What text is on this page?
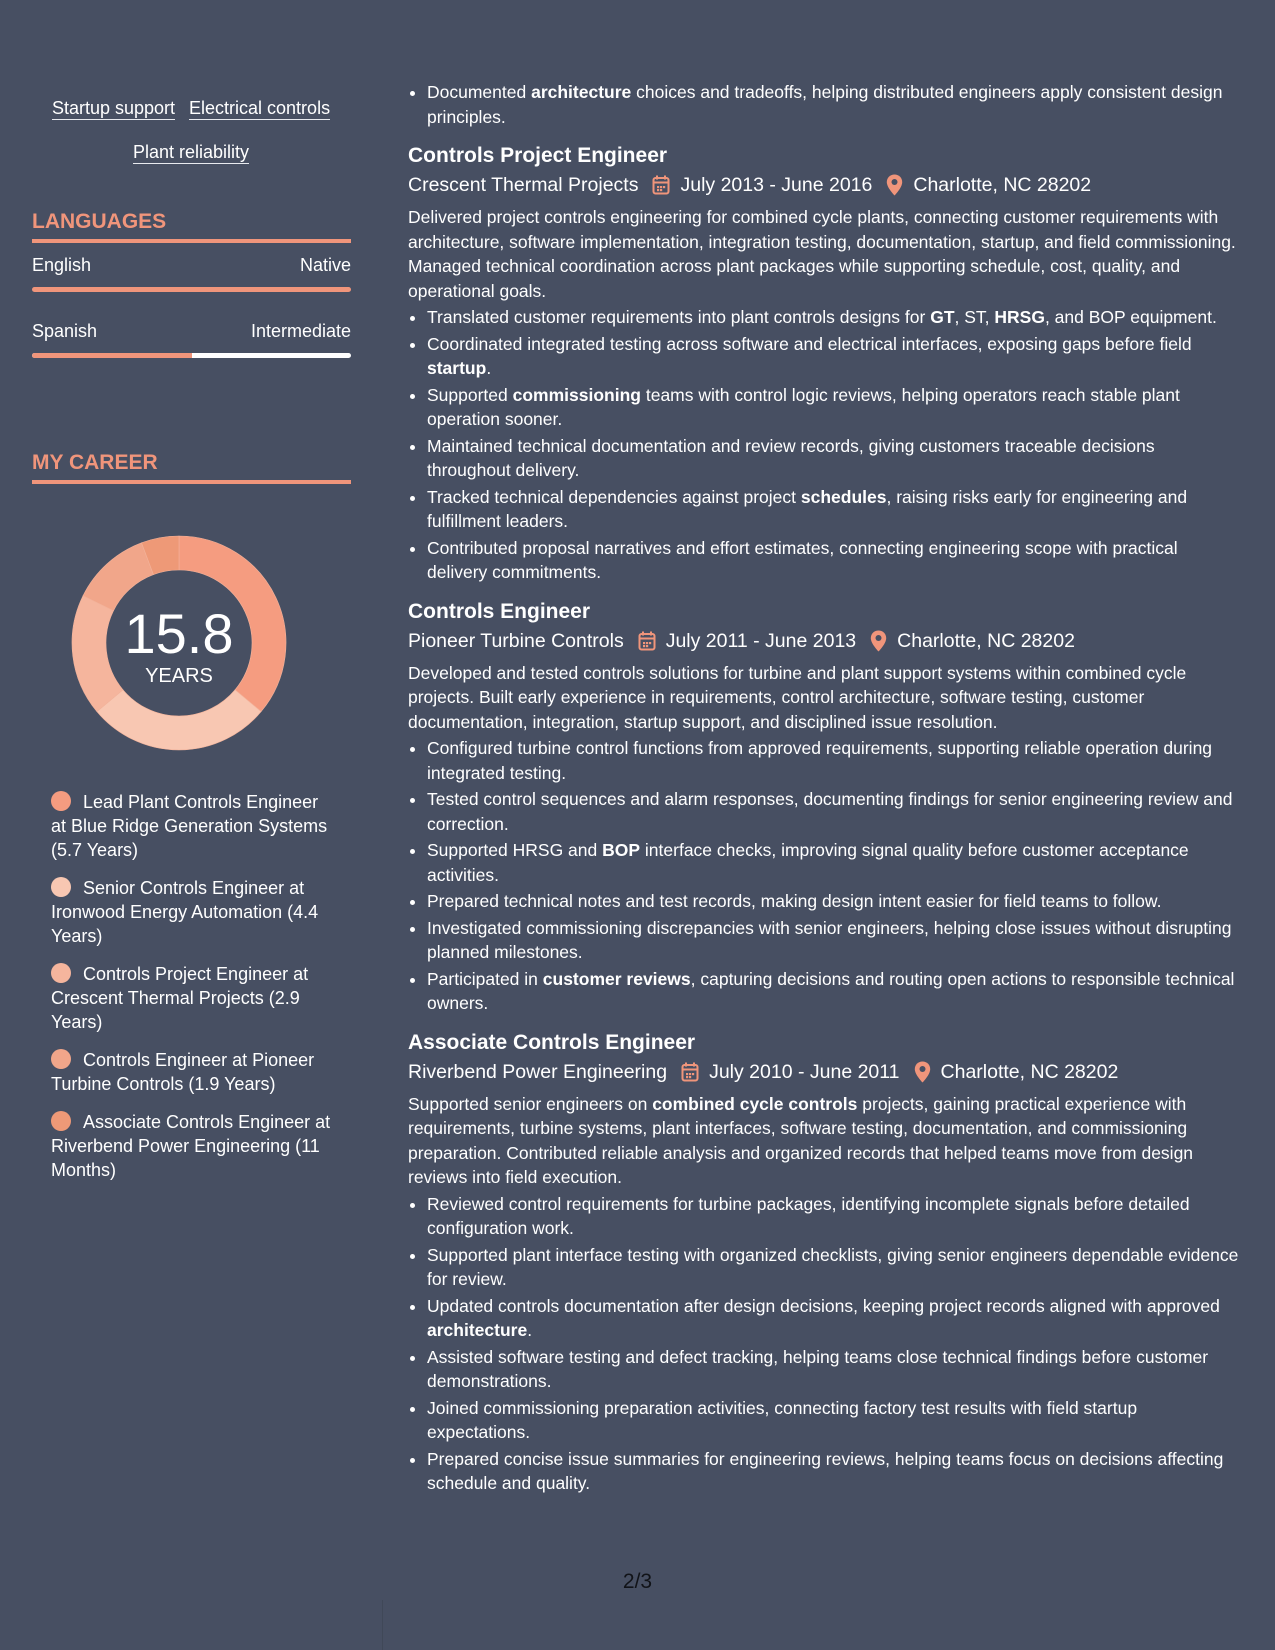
Startup support Electrical controls
Plant reliability
LANGUAGES
English	Native
Spanish	Intermediate
MY CAREER
15.8
YEARS
Lead Plant Controls Engineer at Blue Ridge Generation Systems (5.7 Years)
Senior Controls Engineer at Ironwood Energy Automation (4.4 Years)
Controls Project Engineer at Crescent Thermal Projects (2.9 Years)
Controls Engineer at Pioneer Turbine Controls (1.9 Years)
Associate Controls Engineer at Riverbend Power Engineering (11 Months)
• Documented architecture choices and tradeoffs, helping distributed engineers apply consistent design principles.
Controls Project Engineer
Crescent Thermal Projects July 2013 - June 2016 Charlotte, NC 28202
Delivered project controls engineering for combined cycle plants, connecting customer requirements with architecture, software implementation, integration testing, documentation, startup, and field commissioning. Managed technical coordination across plant packages while supporting schedule, cost, quality, and operational goals.
• Translated customer requirements into plant controls designs for GT, ST, HRSG, and BOP equipment.
• Coordinated integrated testing across software and electrical interfaces, exposing gaps before field startup.
• Supported commissioning teams with control logic reviews, helping operators reach stable plant operation sooner.
• Maintained technical documentation and review records, giving customers traceable decisions throughout delivery.
• Tracked technical dependencies against project schedules, raising risks early for engineering and fulfillment leaders.
• Contributed proposal narratives and effort estimates, connecting engineering scope with practical delivery commitments.
Controls Engineer
Pioneer Turbine Controls July 2011 - June 2013 Charlotte, NC 28202
Developed and tested controls solutions for turbine and plant support systems within combined cycle projects. Built early experience in requirements, control architecture, software testing, customer documentation, integration, startup support, and disciplined issue resolution.
• Configured turbine control functions from approved requirements, supporting reliable operation during integrated testing.
• Tested control sequences and alarm responses, documenting findings for senior engineering review and correction.
• Supported HRSG and BOP interface checks, improving signal quality before customer acceptance activities.
• Prepared technical notes and test records, making design intent easier for field teams to follow.
• Investigated commissioning discrepancies with senior engineers, helping close issues without disrupting planned milestones.
• Participated in customer reviews, capturing decisions and routing open actions to responsible technical owners.
Associate Controls Engineer
Riverbend Power Engineering July 2010 - June 2011 Charlotte, NC 28202
Supported senior engineers on combined cycle controls projects, gaining practical experience with requirements, turbine systems, plant interfaces, software testing, documentation, and commissioning preparation. Contributed reliable analysis and organized records that helped teams move from design reviews into field execution.
• Reviewed control requirements for turbine packages, identifying incomplete signals before detailed configuration work.
• Supported plant interface testing with organized checklists, giving senior engineers dependable evidence for review.
• Updated controls documentation after design decisions, keeping project records aligned with approved architecture.
• Assisted software testing and defect tracking, helping teams close technical findings before customer demonstrations.
• Joined commissioning preparation activities, connecting factory test results with field startup expectations.
• Prepared concise issue summaries for engineering reviews, helping teams focus on decisions affecting schedule and quality.
2/3
